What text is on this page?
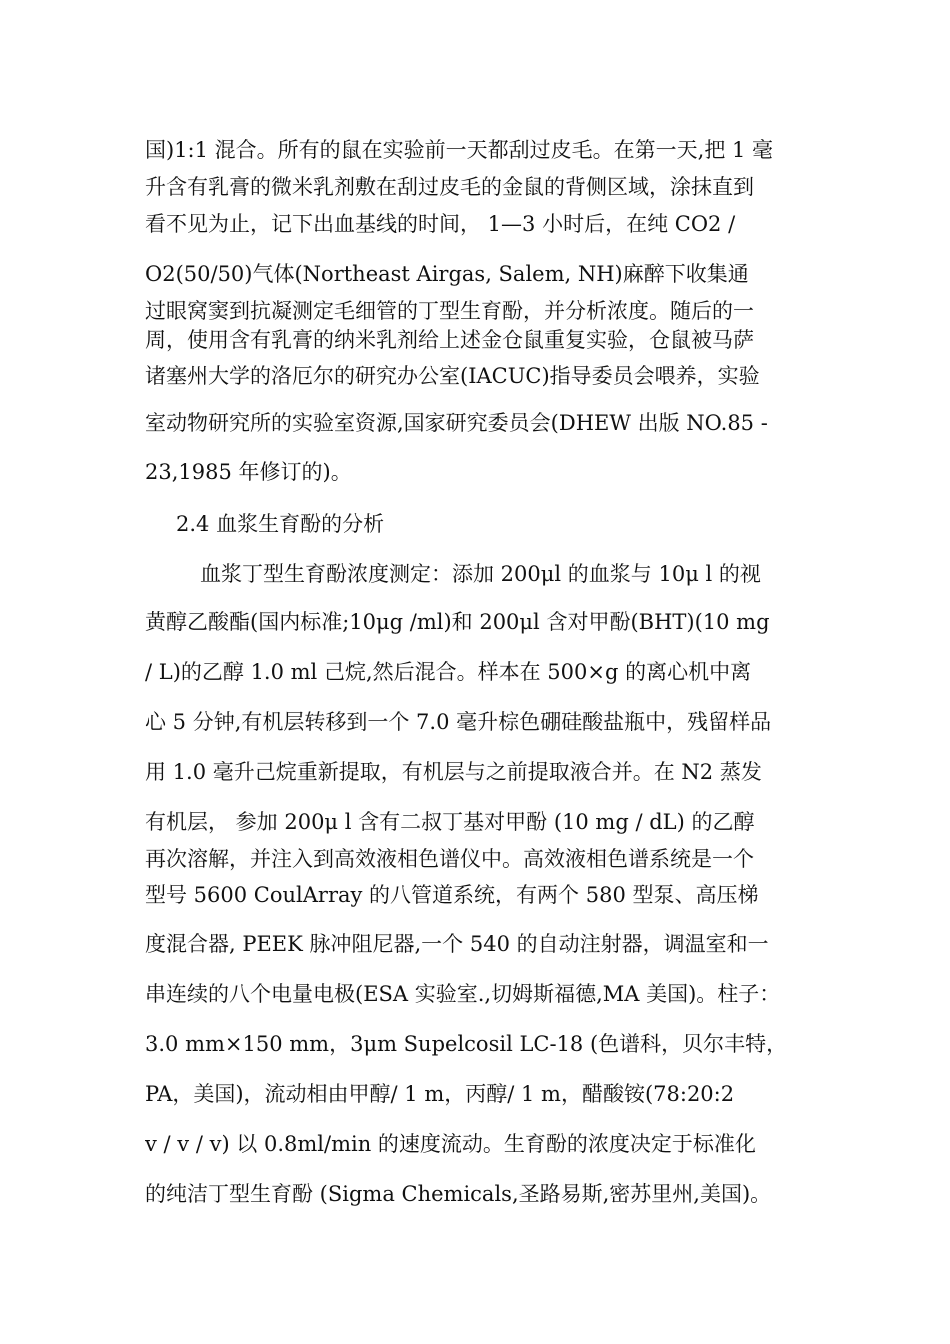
国)1:1 混合。所有的鼠在实验前一天都刮过皮毛。在第一天,把 1 毫
升含有乳膏的微米乳剂敷在刮过皮毛的金鼠的背侧区域，涂抹直到
看不见为止，记下出血基线的时间， 1—3 小时后，在纯 CO2 /
O2(50/50)气体(Northeast Airgas, Salem, NH)麻醉下收集通
过眼窝窦到抗凝测定毛细管的丁型生育酚，并分析浓度。随后的一
周，使用含有乳膏的纳米乳剂给上述金仓鼠重复实验，仓鼠被马萨
诸塞州大学的洛厄尔的研究办公室(IACUC)指导委员会喂养，实验
室动物研究所的实验室资源,国家研究委员会(DHEW 出版 NO.85 -
23,1985 年修订的)。
2.4 血浆生育酚的分析
血浆丁型生育酚浓度测定：添加 200μl 的血浆与 10μ l 的视
黄醇乙酸酯(国内标准;10μg /ml)和 200μl 含对甲酚(BHT)(10 mg
/ L)的乙醇 1.0 ml 己烷,然后混合。样本在 500×g 的离心机中离
心 5 分钟,有机层转移到一个 7.0 毫升棕色硼硅酸盐瓶中，残留样品
用 1.0 毫升己烷重新提取，有机层与之前提取液合并。在 N2 蒸发
有机层， 参加 200μ l 含有二叔丁基对甲酚 (10 mg / dL) 的乙醇
再次溶解，并注入到高效液相色谱仪中。高效液相色谱系统是一个
型号 5600 CoulArray 的八管道系统，有两个 580 型泵、高压梯
度混合器, PEEK 脉冲阻尼器,一个 540 的自动注射器，调温室和一
串连续的八个电量电极(ESA 实验室.,切姆斯福德,MA 美国)。柱子：
3.0 mm×150 mm，3μm Supelcosil LC-18 (色谱科，贝尔丰特，
PA，美国)，流动相由甲醇/ 1 m，丙醇/ 1 m，醋酸铵(78:20:2
v / v / v) 以 0.8ml/min 的速度流动。生育酚的浓度决定于标准化
的纯洁丁型生育酚 (Sigma Chemicals,圣路易斯,密苏里州,美国)。
